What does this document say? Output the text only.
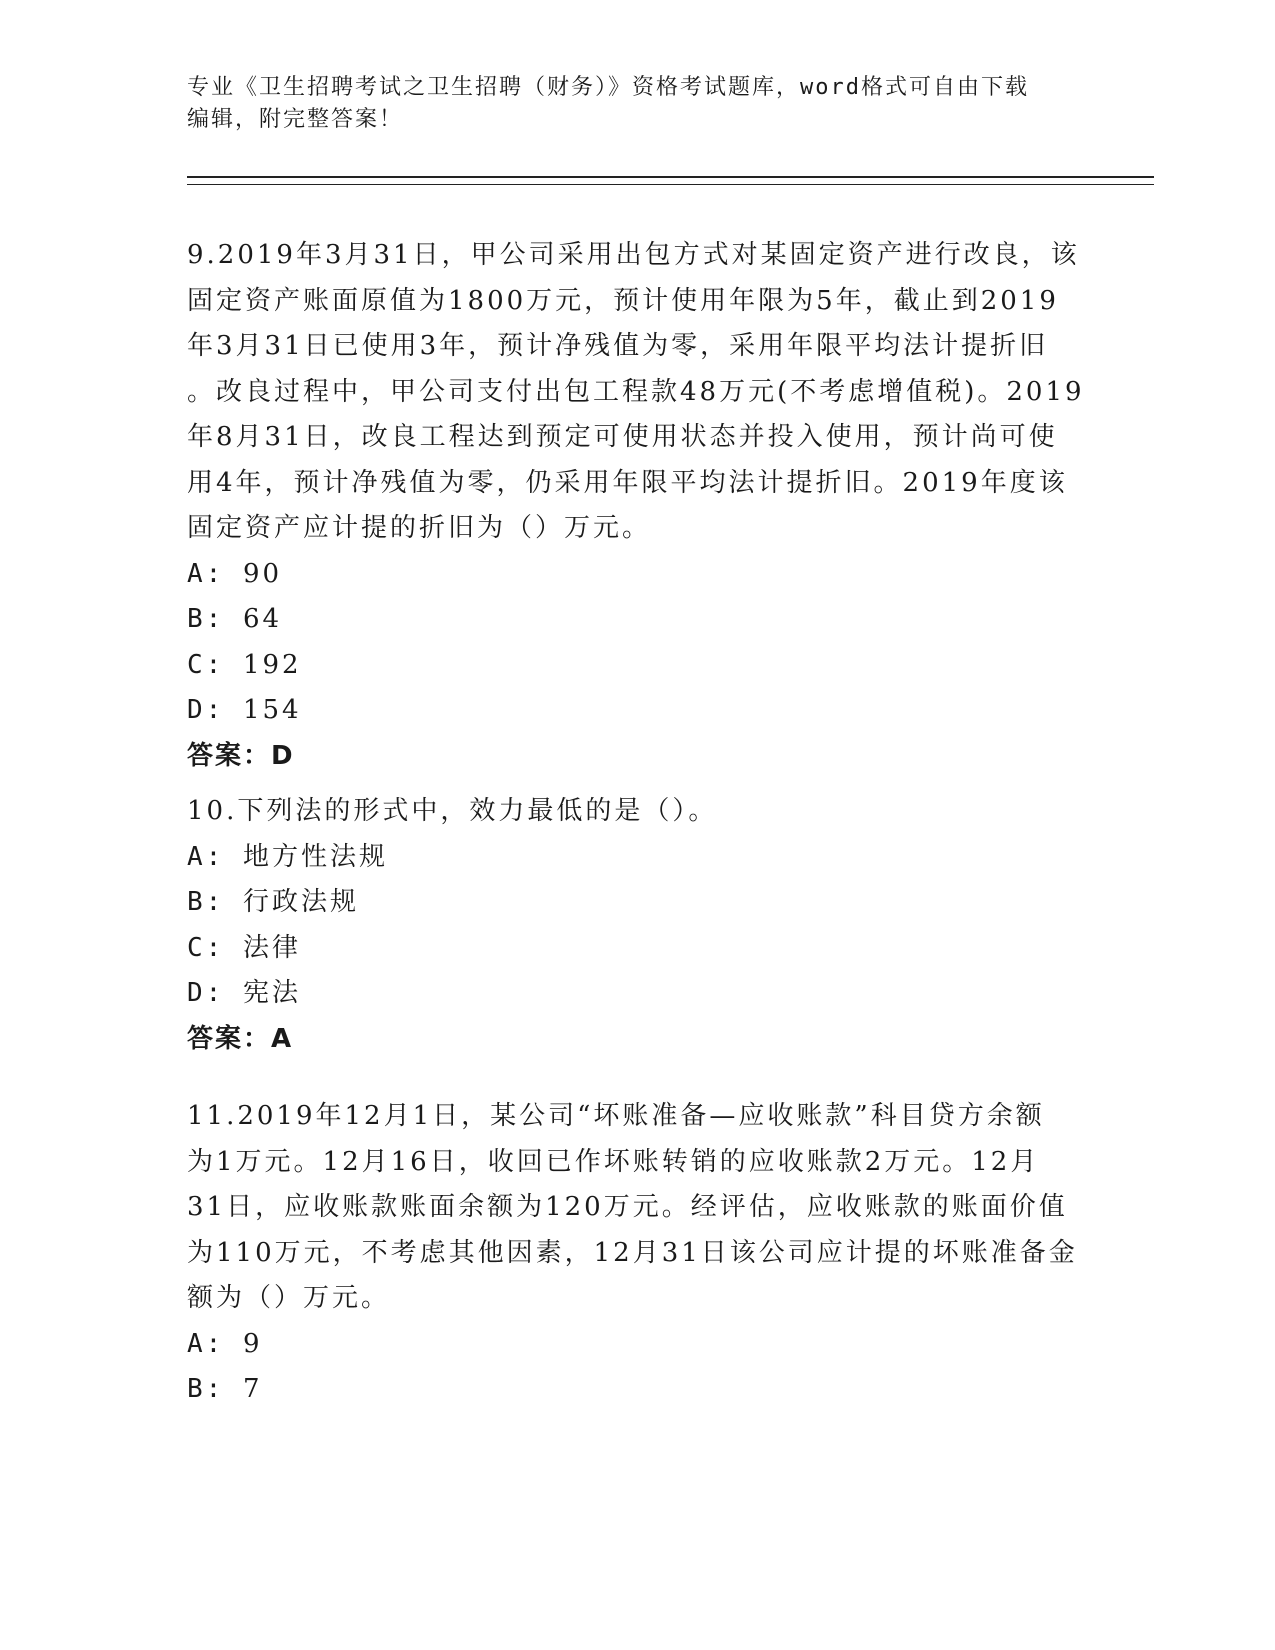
专业《卫生招聘考试之卫生招聘（财务）》资格考试题库，word格式可自由下载
编辑，附完整答案！

9.2019年3月31日，甲公司采用出包方式对某固定资产进行改良，该

固定资产账面原值为1800万元，预计使用年限为5年，截止到2019

年3月31日已使用3年，预计净残值为零，采用年限平均法计提折旧

。改良过程中，甲公司支付出包工程款48万元(不考虑增值税)。2019

年8月31日，改良工程达到预定可使用状态并投入使用，预计尚可使

用4年，预计净残值为零，仍采用年限平均法计提折旧。2019年度该

固定资产应计提的折旧为（）万元。

A: 90

B: 64

C: 192

D: 154

答案：D

10.下列法的形式中，效力最低的是（）。

A: 地方性法规

B: 行政法规

C: 法律

D: 宪法

答案：A

11.2019年12月1日，某公司“坏账准备—应收账款”科目贷方余额

为1万元。12月16日，收回已作坏账转销的应收账款2万元。12月

31日，应收账款账面余额为120万元。经评估，应收账款的账面价值

为110万元，不考虑其他因素，12月31日该公司应计提的坏账准备金

额为（）万元。

A: 9

B: 7
